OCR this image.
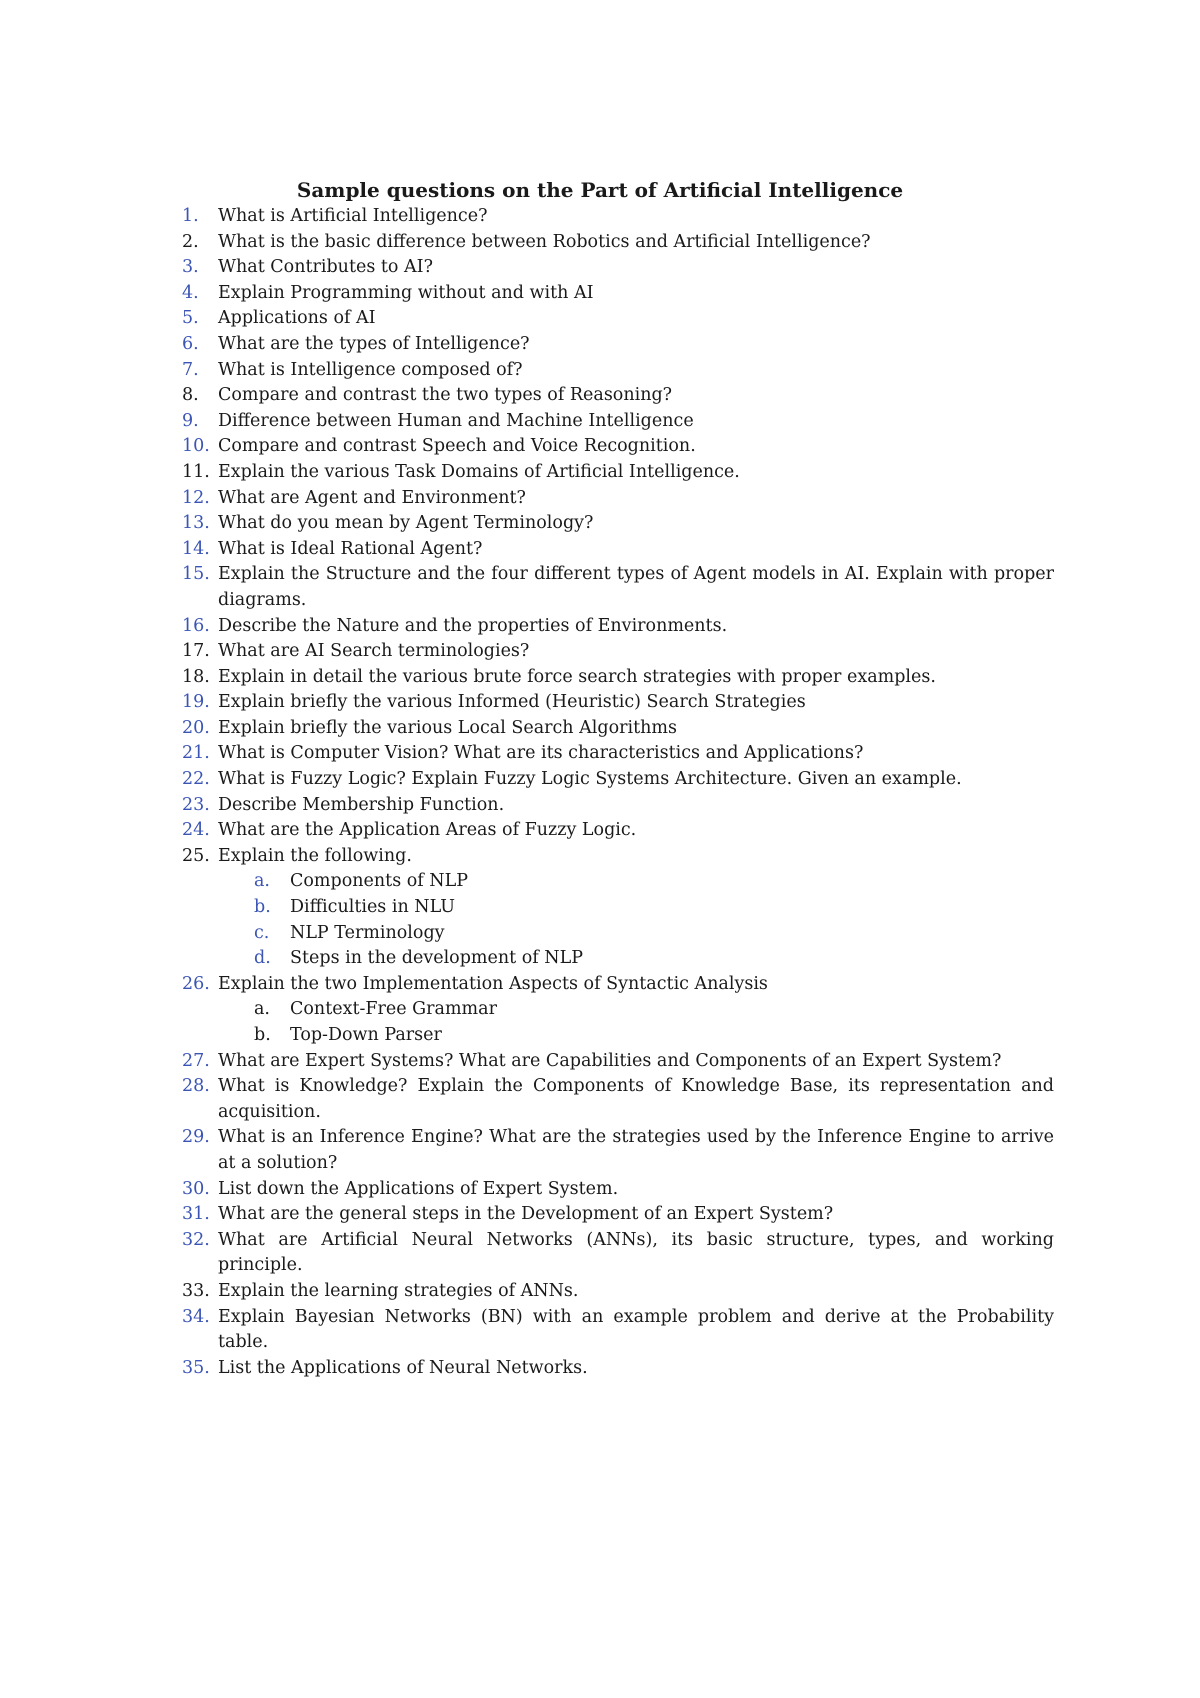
Sample questions on the Part of Artificial Intelligence
1. What is Artificial Intelligence?
2. What is the basic difference between Robotics and Artificial Intelligence?
3. What Contributes to AI?
4. Explain Programming without and with AI
5. Applications of AI
6. What are the types of Intelligence?
7. What is Intelligence composed of?
8. Compare and contrast the two types of Reasoning?
9. Difference between Human and Machine Intelligence
10. Compare and contrast Speech and Voice Recognition.
11. Explain the various Task Domains of Artificial Intelligence.
12. What are Agent and Environment?
13. What do you mean by Agent Terminology?
14. What is Ideal Rational Agent?
15. Explain the Structure and the four different types of Agent models in AI. Explain with proper diagrams.
16. Describe the Nature and the properties of Environments.
17. What are AI Search terminologies?
18. Explain in detail the various brute force search strategies with proper examples.
19. Explain briefly the various Informed (Heuristic) Search Strategies
20. Explain briefly the various Local Search Algorithms
21. What is Computer Vision? What are its characteristics and Applications?
22. What is Fuzzy Logic? Explain Fuzzy Logic Systems Architecture. Given an example.
23. Describe Membership Function.
24. What are the Application Areas of Fuzzy Logic.
25. Explain the following.
a. Components of NLP
b. Difficulties in NLU
c. NLP Terminology
d. Steps in the development of NLP
26. Explain the two Implementation Aspects of Syntactic Analysis
a. Context-Free Grammar
b. Top-Down Parser
27. What are Expert Systems? What are Capabilities and Components of an Expert System?
28. What is Knowledge? Explain the Components of Knowledge Base, its representation and acquisition.
29. What is an Inference Engine? What are the strategies used by the Inference Engine to arrive at a solution?
30. List down the Applications of Expert System.
31. What are the general steps in the Development of an Expert System?
32. What are Artificial Neural Networks (ANNs), its basic structure, types, and working principle.
33. Explain the learning strategies of ANNs.
34. Explain Bayesian Networks (BN) with an example problem and derive at the Probability table.
35. List the Applications of Neural Networks.
